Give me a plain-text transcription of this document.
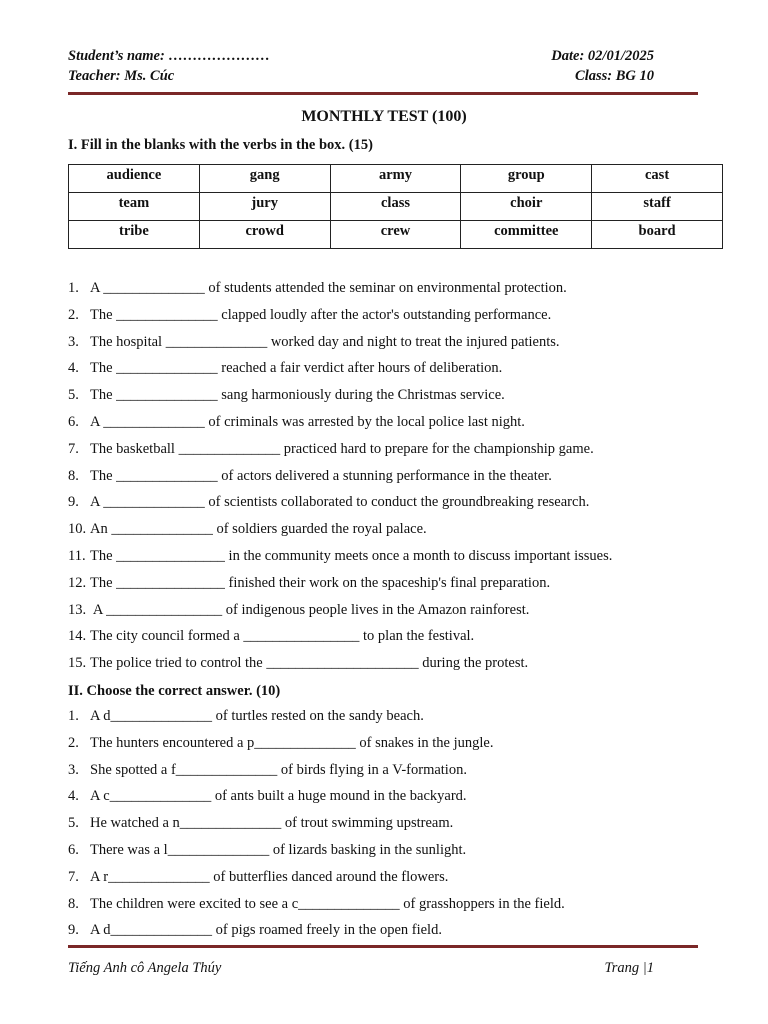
Student’s name: …………………	Date: 02/01/2025
Teacher: Ms. Cúc	Class: BG 10
MONTHLY TEST (100)
I. Fill in the blanks with the verbs in the box. (15)
audience	gang	army	group	cast
team	jury	class	choir	staff
tribe	crowd	crew	committee	board
1. A ______________ of students attended the seminar on environmental protection.
2. The ______________ clapped loudly after the actor's outstanding performance.
3. The hospital ______________ worked day and night to treat the injured patients.
4. The ______________ reached a fair verdict after hours of deliberation.
5. The ______________ sang harmoniously during the Christmas service.
6. A ______________ of criminals was arrested by the local police last night.
7. The basketball ______________ practiced hard to prepare for the championship game.
8. The ______________ of actors delivered a stunning performance in the theater.
9. A ______________ of scientists collaborated to conduct the groundbreaking research.
10. An ______________ of soldiers guarded the royal palace.
11. The _______________ in the community meets once a month to discuss important issues.
12. The _______________ finished their work on the spaceship's final preparation.
13. A ________________ of indigenous people lives in the Amazon rainforest.
14. The city council formed a ________________ to plan the festival.
15. The police tried to control the _____________________ during the protest.
II. Choose the correct answer. (10)
1. A d______________ of turtles rested on the sandy beach.
2. The hunters encountered a p______________ of snakes in the jungle.
3. She spotted a f______________ of birds flying in a V-formation.
4. A c______________ of ants built a huge mound in the backyard.
5. He watched a n______________ of trout swimming upstream.
6. There was a l______________ of lizards basking in the sunlight.
7. A r______________ of butterflies danced around the flowers.
8. The children were excited to see a c______________ of grasshoppers in the field.
9. A d______________ of pigs roamed freely in the open field.
Tiếng Anh cô Angela Thúy	Trang |1
